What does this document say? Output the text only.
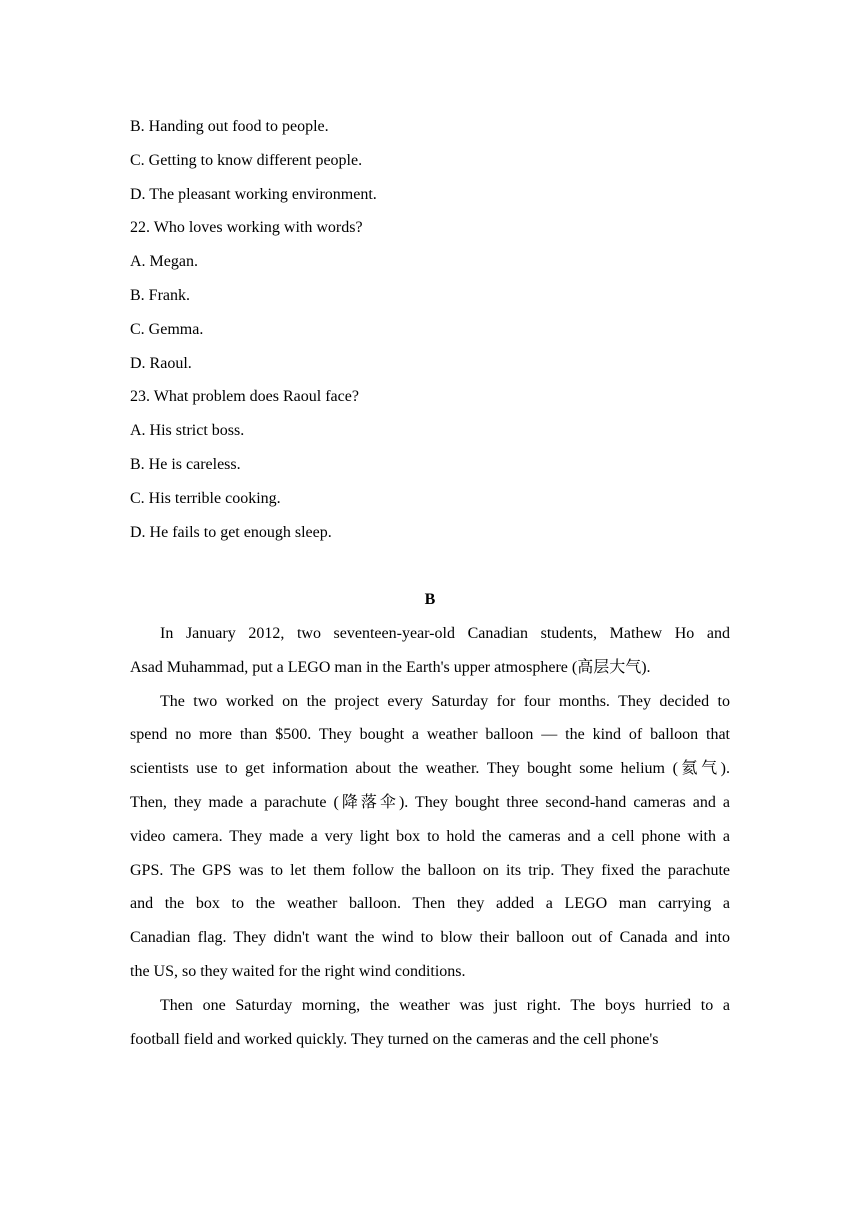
B. Handing out food to people.
C. Getting to know different people.
D. The pleasant working environment.
22. Who loves working with words?
A. Megan.
B. Frank.
C. Gemma.
D. Raoul.
23. What problem does Raoul face?
A. His strict boss.
B. He is careless.
C. His terrible cooking.
D. He fails to get enough sleep.
B

In January 2012, two seventeen-year-old Canadian students, Mathew Ho and
Asad Muhammad, put a LEGO man in the Earth's upper atmosphere (高层大气).

The two worked on the project every Saturday for four months. They decided to
spend no more than $500. They bought a weather balloon — the kind of balloon that
scientists use to get information about the weather. They bought some helium (氦气).
Then, they made a parachute (降落伞). They bought three second-hand cameras and a
video camera. They made a very light box to hold the cameras and a cell phone with a
GPS. The GPS was to let them follow the balloon on its trip. They fixed the parachute
and the box to the weather balloon. Then they added a LEGO man carrying a
Canadian flag. They didn't want the wind to blow their balloon out of Canada and into
the US, so they waited for the right wind conditions.

Then one Saturday morning, the weather was just right. The boys hurried to a
football field and worked quickly. They turned on the cameras and the cell phone's
